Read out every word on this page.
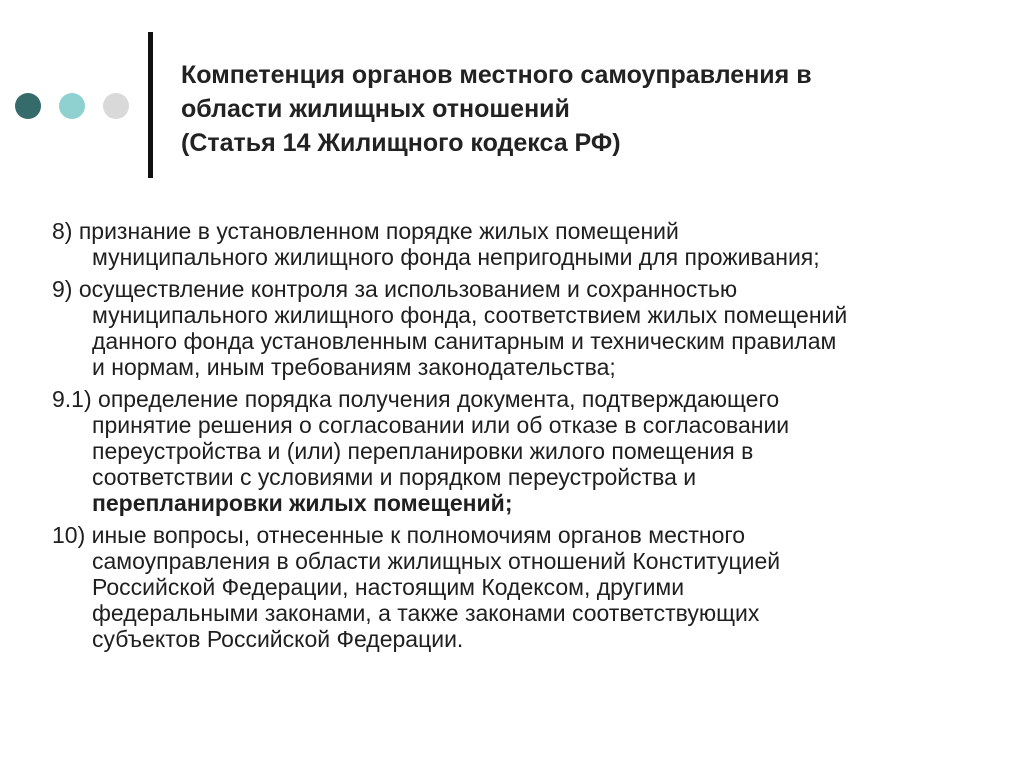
Компетенция органов местного самоуправления в
области жилищных отношений
(Статья 14 Жилищного кодекса РФ)
8) признание в установленном порядке жилых помещений
муниципального жилищного фонда непригодными для проживания;
9) осуществление контроля за использованием и сохранностью
муниципального жилищного фонда, соответствием жилых помещений
данного фонда установленным санитарным и техническим правилам
и нормам, иным требованиям законодательства;
9.1) определение порядка получения документа, подтверждающего
принятие решения о согласовании или об отказе в согласовании
переустройства и (или) перепланировки жилого помещения в
соответствии с условиями и порядком переустройства и
перепланировки жилых помещений;
10) иные вопросы, отнесенные к полномочиям органов местного
самоуправления в области жилищных отношений Конституцией
Российской Федерации, настоящим Кодексом, другими
федеральными законами, а также законами соответствующих
субъектов Российской Федерации.
